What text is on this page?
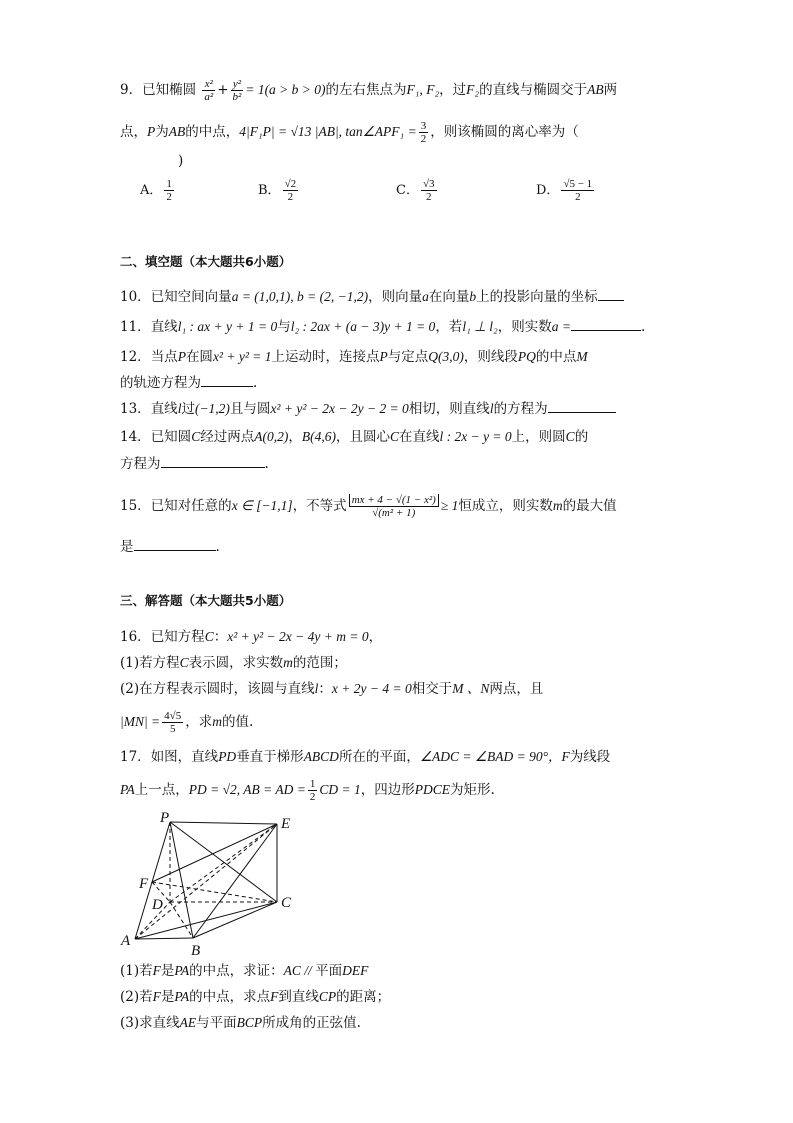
9．已知椭圆 $\frac{\text{x²}}{\text{a²}} + \frac{\text{y²}}{\text{b²}} = 1(a > b > 0)$的左右焦点为F₁, F₂，过F₂的直线与椭圆交于AB两
点，P为AB的中点，4|F₁P| = √13 |AB|, tan∠APF₁ = $\frac{3}{2}$ ，则该椭圆的离心率为（
)
A． $\frac{1}{2}$	B． $\frac{√2}{2}$	C． $\frac{√3}{2}$	D． $\frac{√5 - 1}{2}$
二、填空题（本大题共6小题）
10．已知空间向量a = (1,0,1), b = (2, −1,2)，则向量a在向量b上的投影向量的坐标
11．直线l₁ : ax + y + 1 = 0与l₂ : 2ax + (a − 3)y + 1 = 0，若l₁ ⊥ l₂，则实数a =	.
12．当点P在圆x² + y² = 1上运动时，连接点P与定点Q(3,0)，则线段PQ的中点M
的轨迹方程为	.
13．直线l过(−1,2)且与圆x² + y² − 2x − 2y − 2 = 0相切，则直线l的方程为
14．已知圆C经过两点A(0,2)，B(4,6)，且圆心C在直线l : 2x − y = 0上，则圆C的
方程为	.
15．已知对任意的x ∈ [−1,1]，不等式 $\frac{\text{mx + 4 − √(1 − x²)}}{\text{√(m² + 1)}} \ge 1$恒成立，则实数m的最大值
是	.
三、解答题（本大题共5小题）
16．已知方程C：x² + y² − 2x − 4y + m = 0，
(1)若方程C表示圆，求实数m的范围；
(2)在方程表示圆时，该圆与直线l：x + 2y − 4 = 0相交于M 、N两点，且
$|MN| = \frac{4√5}{5}$ ，求m的值.
17．如图，直线PD垂直于梯形ABCD所在的平面，∠ADC = ∠BAD = 90°，F为线段
PA上一点，PD = √2, AB = AD = $\frac{1}{2}$ CD = 1，四边形PDCE为矩形.
P	E
F
D	C
A
B
(1)若F是PA的中点，求证：AC // 平面DEF
(2)若F是PA的中点，求点F到直线CP的距离；
(3)求直线AE与平面BCP所成角的正弦值.
